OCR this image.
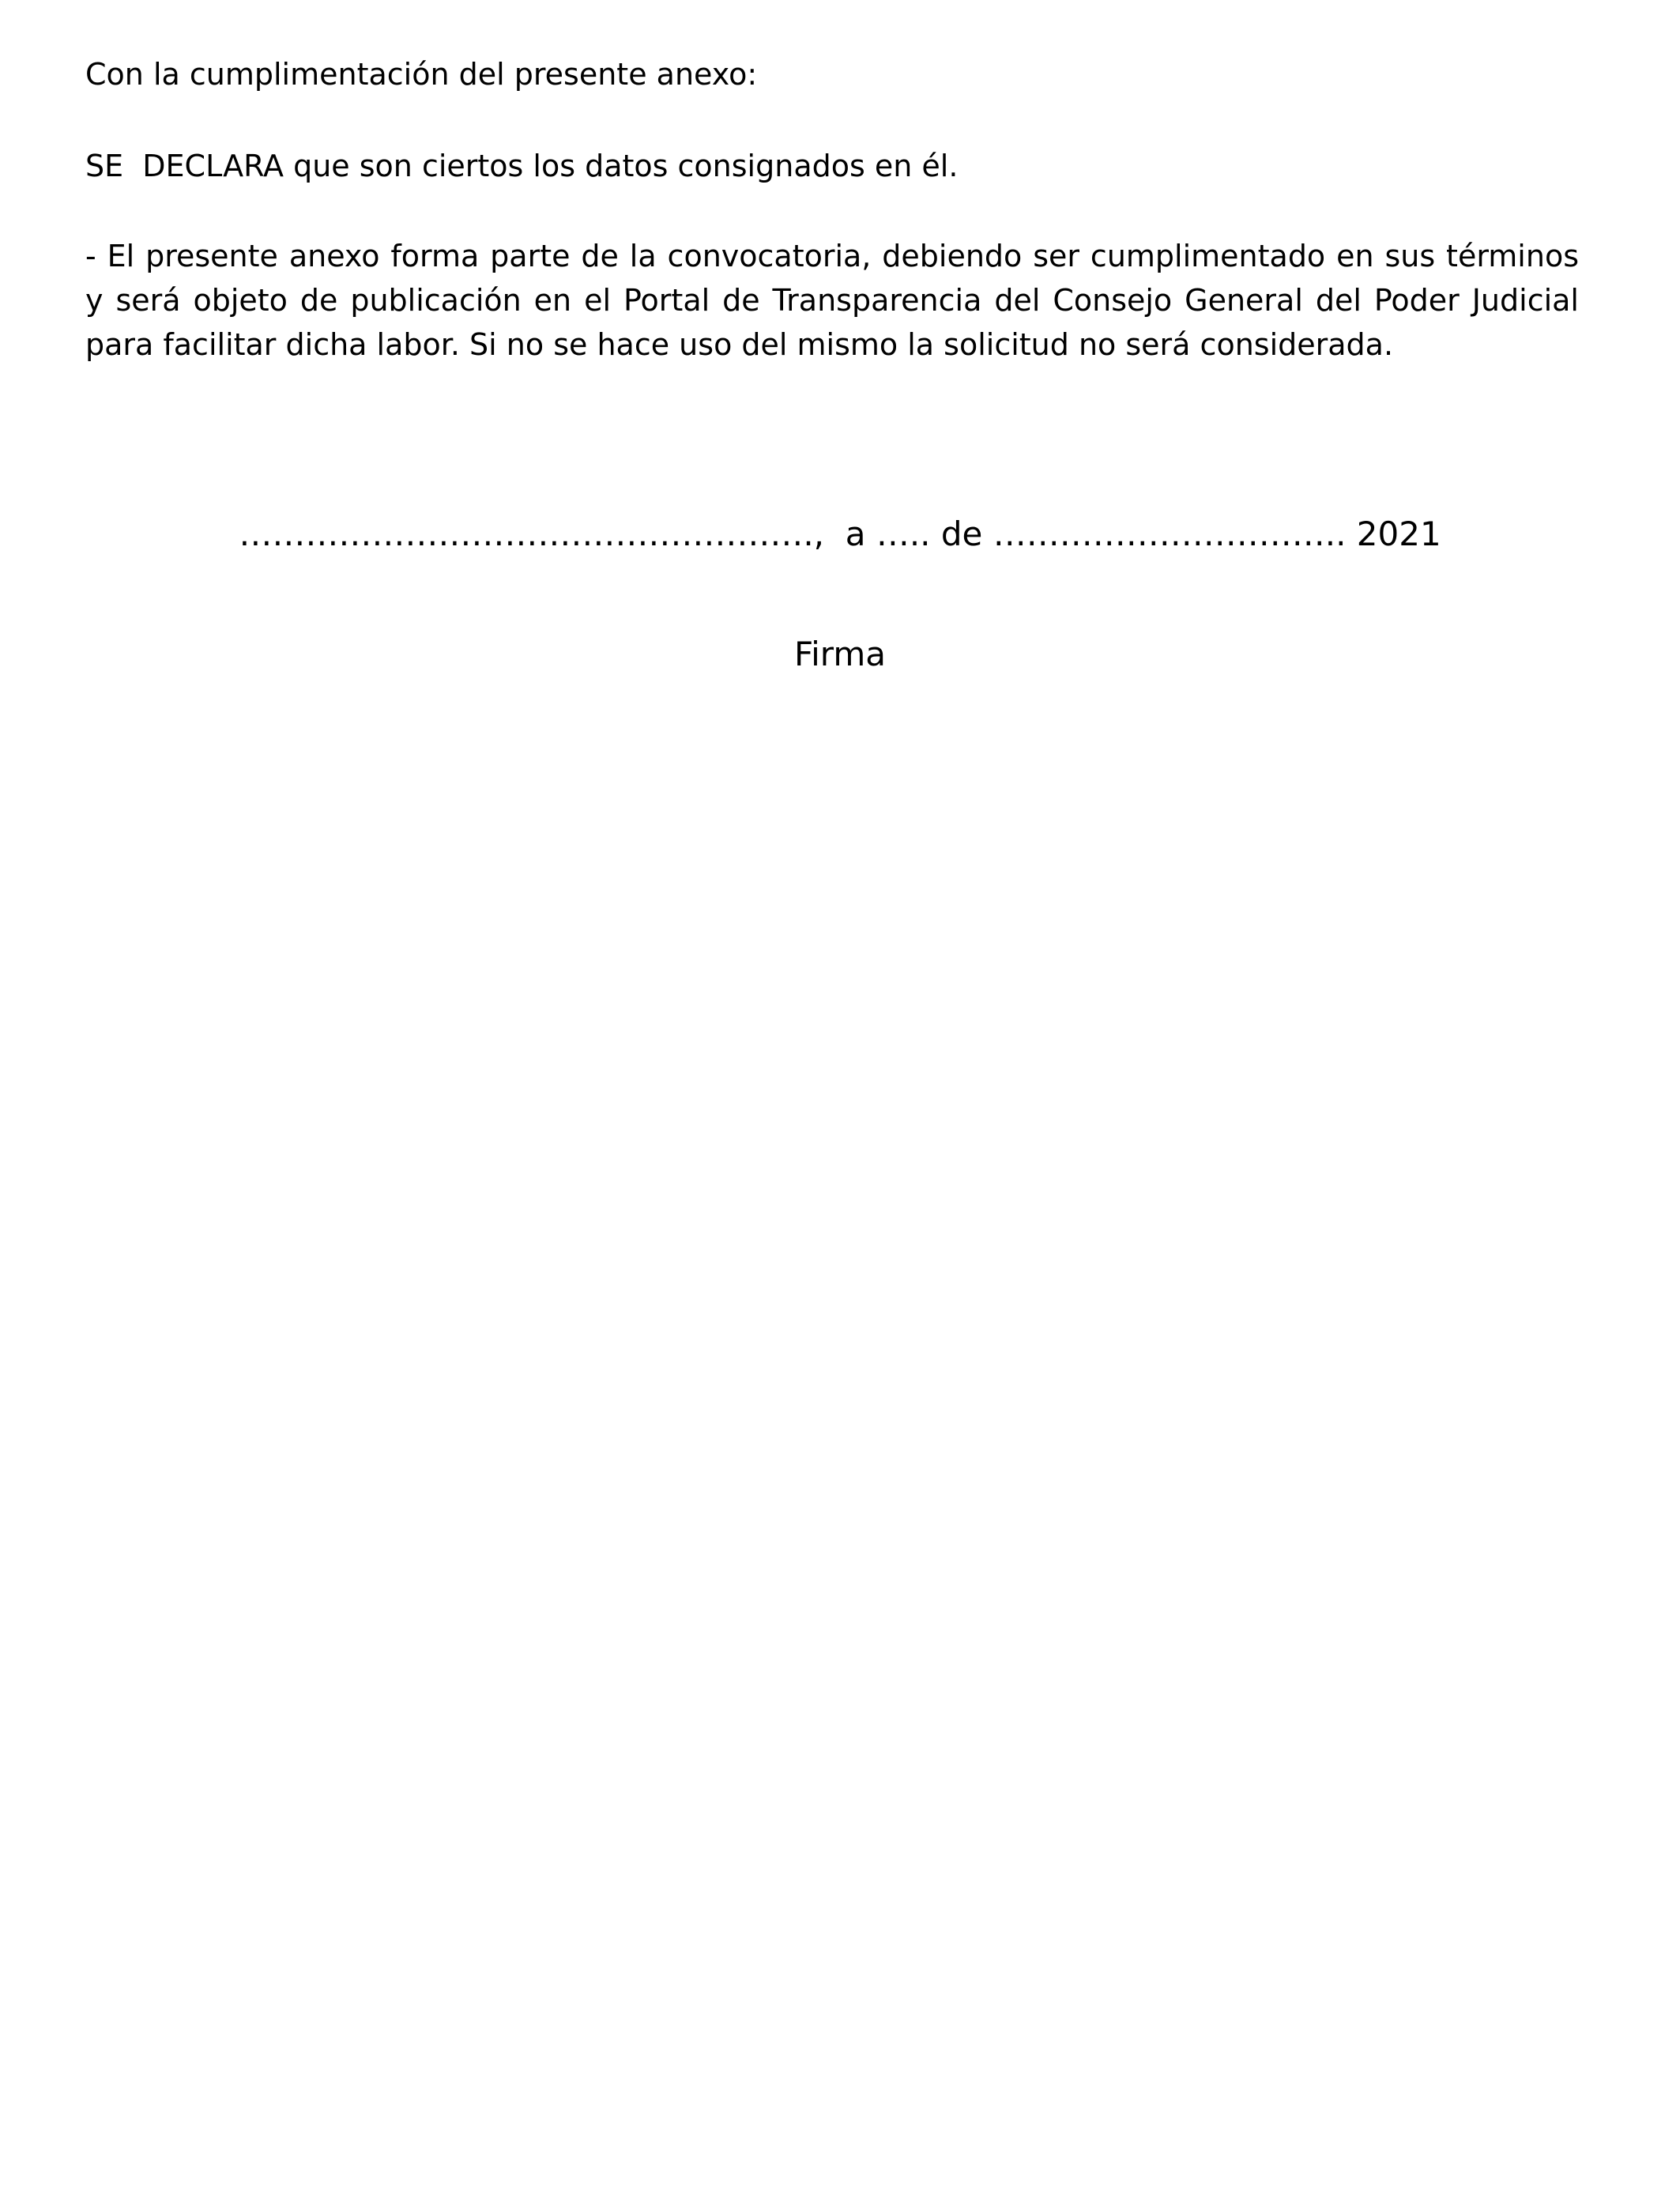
Con la cumplimentación del presente anexo:

SE  DECLARA que son ciertos los datos consignados en él.

- El presente anexo forma parte de la convocatoria, debiendo ser cumplimentado en sus términos y será objeto de publicación en el Portal de Transparencia del Consejo General del Poder Judicial para facilitar dicha labor. Si no se hace uso del mismo la solicitud no será considerada.

…………………………………………….,  a ….. de ………………………….. 2021
Firma
